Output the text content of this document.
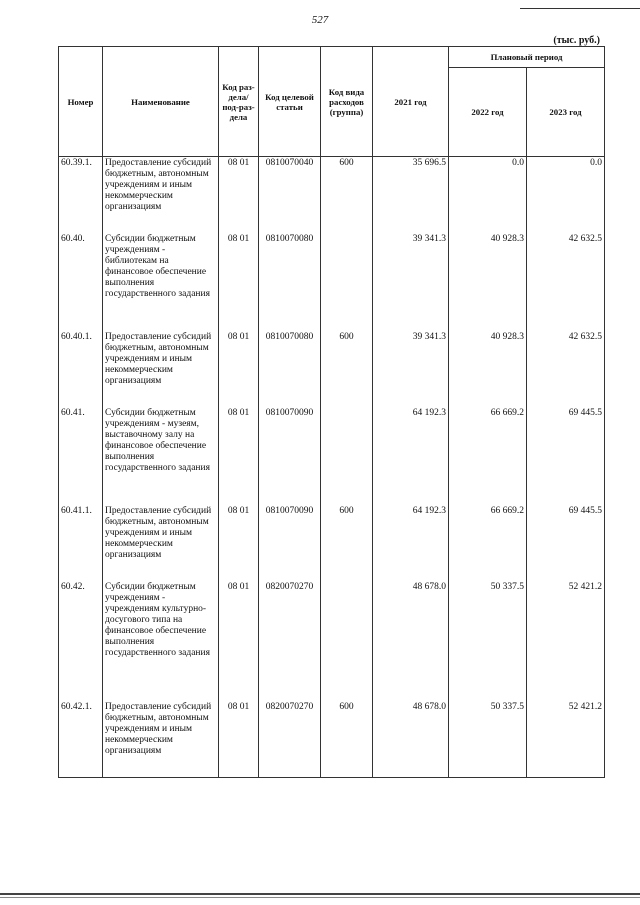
527
(тыс. руб.)
Номер	Наименование	Код раз-дела/ под-раз-дела	Код целевой статьи	Код вида расходов (группа)	2021 год	Плановый период	
						2022 год	2023 год
60.39.1.	Предоставление субсидий бюджетным, автономным учреждениям и иным некоммерческим организациям	08 01	0810070040	600	35 696.5	0.0	0.0
60.40.	Субсидии бюджетным учреждениям - библиотекам на финансовое обеспечение выполнения государственного задания	08 01	0810070080		39 341.3	40 928.3	42 632.5
60.40.1.	Предоставление субсидий бюджетным, автономным учреждениям и иным некоммерческим организациям	08 01	0810070080	600	39 341.3	40 928.3	42 632.5
60.41.	Субсидии бюджетным учреждениям - музеям, выставочному залу на финансовое обеспечение выполнения государственного задания	08 01	0810070090		64 192.3	66 669.2	69 445.5
60.41.1.	Предоставление субсидий бюджетным, автономным учреждениям и иным некоммерческим организациям	08 01	0810070090	600	64 192.3	66 669.2	69 445.5
60.42.	Субсидии бюджетным учреждениям - учреждениям культурно-досугового типа на финансовое обеспечение выполнения государственного задания	08 01	0820070270		48 678.0	50 337.5	52 421.2
60.42.1.	Предоставление субсидий бюджетным, автономным учреждениям и иным некоммерческим организациям	08 01	0820070270	600	48 678.0	50 337.5	52 421.2
